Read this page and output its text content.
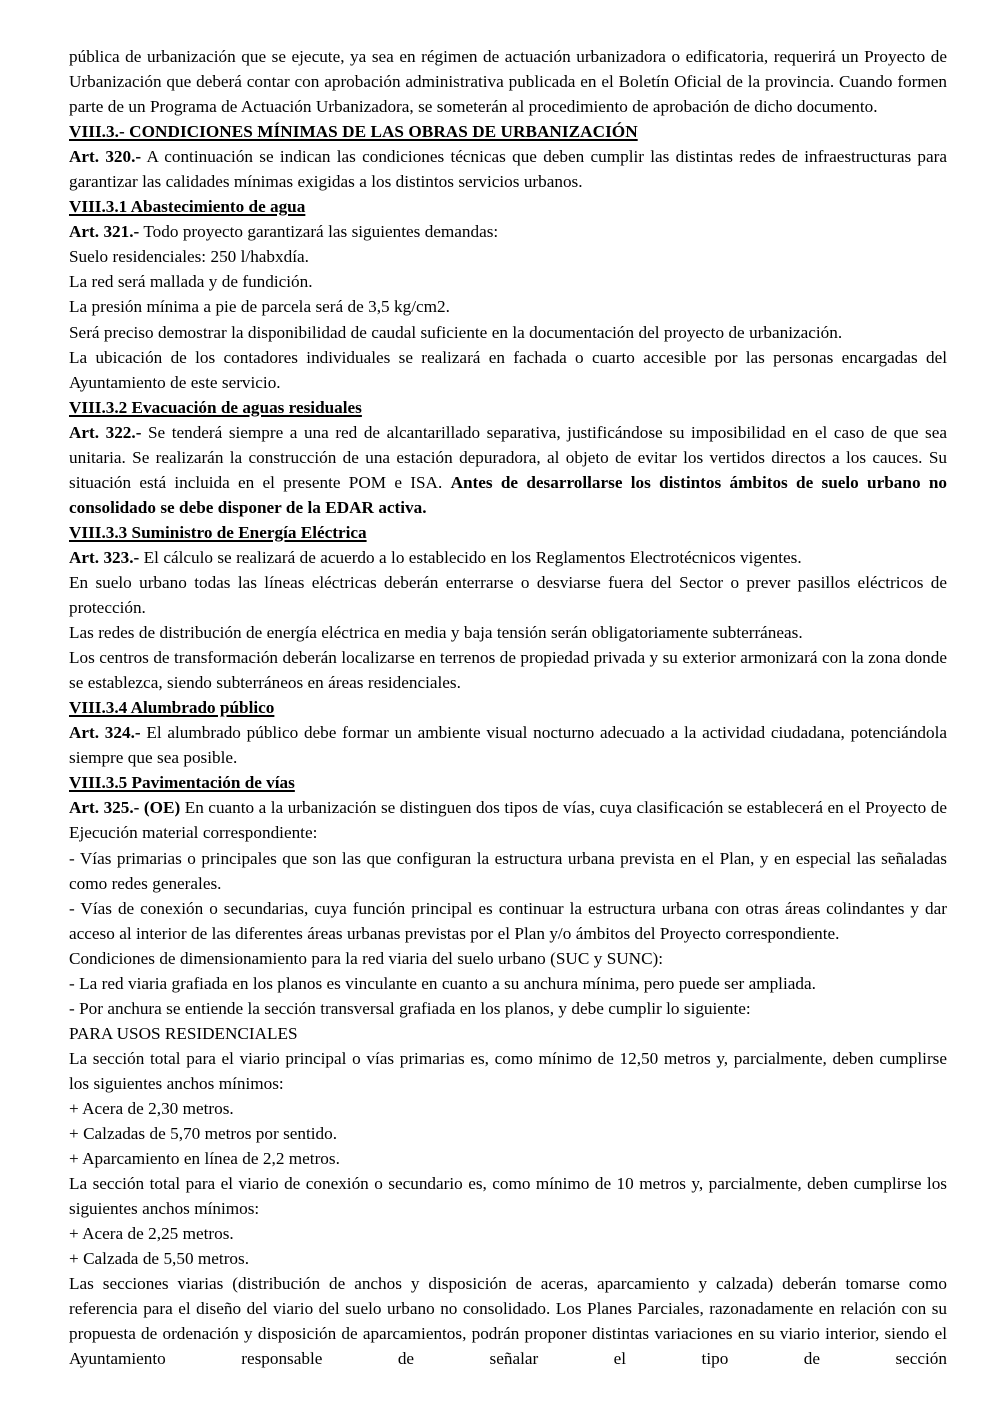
pública de urbanización que se ejecute, ya sea en régimen de actuación urbanizadora o edificatoria, requerirá un Proyecto de Urbanización que deberá contar con aprobación administrativa publicada en el Boletín Oficial de la provincia. Cuando formen parte de un Programa de Actuación Urbanizadora, se someterán al procedimiento de aprobación de dicho documento.

VIII.3.- CONDICIONES MÍNIMAS DE LAS OBRAS DE URBANIZACIÓN

Art. 320.- A continuación se indican las condiciones técnicas que deben cumplir las distintas redes de infraestructuras para garantizar las calidades mínimas exigidas a los distintos servicios urbanos.

VIII.3.1 Abastecimiento de agua

Art. 321.- Todo proyecto garantizará las siguientes demandas:

Suelo residenciales: 250 l/habxdía.

La red será mallada y de fundición.

La presión mínima a pie de parcela será de 3,5 kg/cm2.

Será preciso demostrar la disponibilidad de caudal suficiente en la documentación del proyecto de urbanización.

La ubicación de los contadores individuales se realizará en fachada o cuarto accesible por las personas encargadas del Ayuntamiento de este servicio.

VIII.3.2 Evacuación de aguas residuales

Art. 322.- Se tenderá siempre a una red de alcantarillado separativa, justificándose su imposibilidad en el caso de que sea unitaria. Se realizarán la construcción de una estación depuradora, al objeto de evitar los vertidos directos a los cauces. Su situación está incluida en el presente POM e ISA. Antes de desarrollarse los distintos ámbitos de suelo urbano no consolidado se debe disponer de la EDAR activa.

VIII.3.3 Suministro de Energía Eléctrica

Art. 323.- El cálculo se realizará de acuerdo a lo establecido en los Reglamentos Electrotécnicos vigentes.

En suelo urbano todas las líneas eléctricas deberán enterrarse o desviarse fuera del Sector o prever pasillos eléctricos de protección.

Las redes de distribución de energía eléctrica en media y baja tensión serán obligatoriamente subterráneas.

Los centros de transformación deberán localizarse en terrenos de propiedad privada y su exterior armonizará con la zona donde se establezca, siendo subterráneos en áreas residenciales.

VIII.3.4 Alumbrado público

Art. 324.- El alumbrado público debe formar un ambiente visual nocturno adecuado a la actividad ciudadana, potenciándola siempre que sea posible.

VIII.3.5 Pavimentación de vías

Art. 325.- (OE) En cuanto a la urbanización se distinguen dos tipos de vías, cuya clasificación se establecerá en el Proyecto de Ejecución material correspondiente:

- Vías primarias o principales que son las que configuran la estructura urbana prevista en el Plan, y en especial las señaladas como redes generales.

- Vías de conexión o secundarias, cuya función principal es continuar la estructura urbana con otras áreas colindantes y dar acceso al interior de las diferentes áreas urbanas previstas por el Plan y/o ámbitos del Proyecto correspondiente.

Condiciones de dimensionamiento para la red viaria del suelo urbano (SUC y SUNC):

- La red viaria grafiada en los planos es vinculante en cuanto a su anchura mínima, pero puede ser ampliada.

- Por anchura se entiende la sección transversal grafiada en los planos, y debe cumplir lo siguiente:

PARA USOS RESIDENCIALES

La sección total para el viario principal o vías primarias es, como mínimo de 12,50 metros y, parcialmente, deben cumplirse los siguientes anchos mínimos:

+ Acera de 2,30 metros.

+ Calzadas de 5,70 metros por sentido.

+ Aparcamiento en línea de 2,2 metros.

La sección total para el viario de conexión o secundario es, como mínimo de 10 metros y, parcialmente, deben cumplirse los siguientes anchos mínimos:

+ Acera de 2,25 metros.

+ Calzada de 5,50 metros.

Las secciones viarias (distribución de anchos y disposición de aceras, aparcamiento y calzada) deberán tomarse como referencia para el diseño del viario del suelo urbano no consolidado. Los Planes Parciales, razonadamente en relación con su propuesta de ordenación y disposición de aparcamientos, podrán proponer distintas variaciones en su viario interior, siendo el Ayuntamiento responsable de señalar el tipo de sección
